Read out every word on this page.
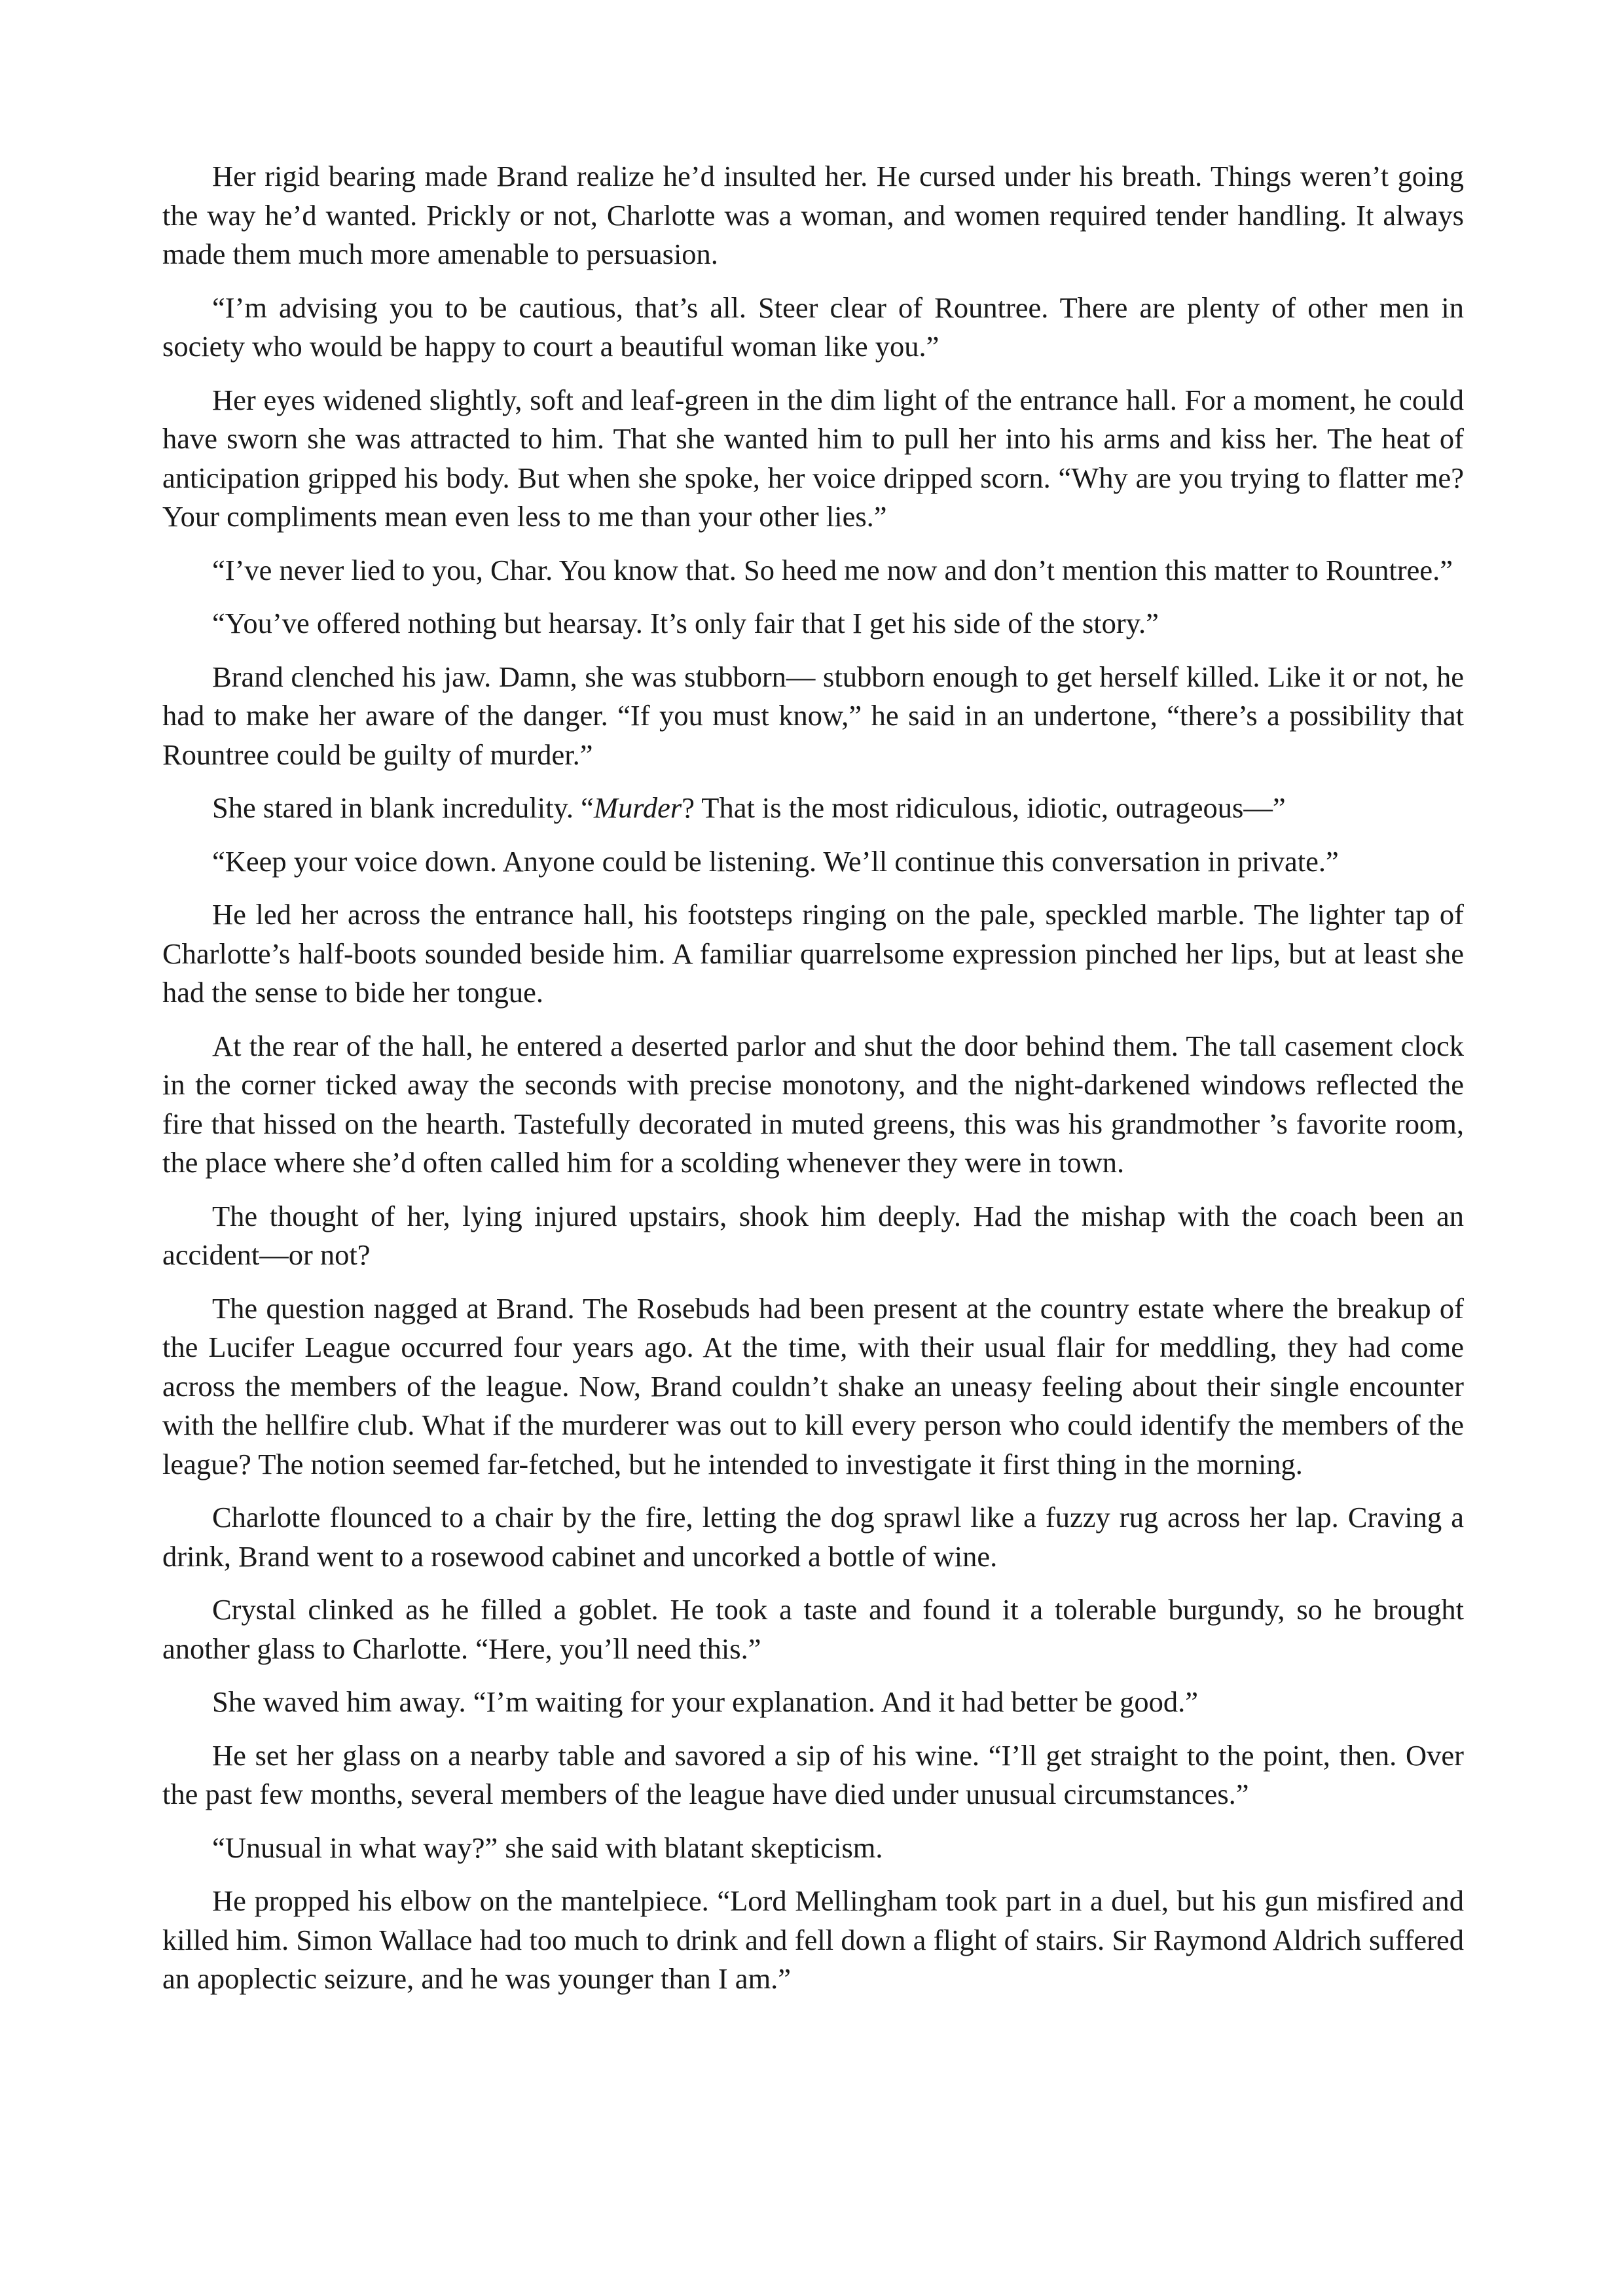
Her rigid bearing made Brand realize he’d insulted her. He cursed under his breath. Things weren’t going the way he’d wanted. Prickly or not, Charlotte was a woman, and women required tender handling. It always made them much more amenable to persuasion.

“I’m advising you to be cautious, that’s all. Steer clear of Rountree. There are plenty of other men in society who would be happy to court a beautiful woman like you.”

Her eyes widened slightly, soft and leaf-green in the dim light of the entrance hall. For a moment, he could have sworn she was attracted to him. That she wanted him to pull her into his arms and kiss her. The heat of anticipation gripped his body. But when she spoke, her voice dripped scorn. “Why are you trying to flatter me? Your compliments mean even less to me than your other lies.”

“I’ve never lied to you, Char. You know that. So heed me now and don’t mention this matter to Rountree.”

“You’ve offered nothing but hearsay. It’s only fair that I get his side of the story.”

Brand clenched his jaw. Damn, she was stubborn— stubborn enough to get herself killed. Like it or not, he had to make her aware of the danger. “If you must know,” he said in an undertone, “there’s a possibility that Rountree could be guilty of murder.”

She stared in blank incredulity. “Murder? That is the most ridiculous, idiotic, outrageous—”

“Keep your voice down. Anyone could be listening. We’ll continue this conversation in private.”

He led her across the entrance hall, his footsteps ringing on the pale, speckled marble. The lighter tap of Charlotte’s half-boots sounded beside him. A familiar quarrelsome expression pinched her lips, but at least she had the sense to bide her tongue.

At the rear of the hall, he entered a deserted parlor and shut the door behind them. The tall casement clock in the corner ticked away the seconds with precise monotony, and the night-darkened windows reflected the fire that hissed on the hearth. Tastefully decorated in muted greens, this was his grandmother ’s favorite room, the place where she’d often called him for a scolding whenever they were in town.

The thought of her, lying injured upstairs, shook him deeply. Had the mishap with the coach been an accident—or not?

The question nagged at Brand. The Rosebuds had been present at the country estate where the breakup of the Lucifer League occurred four years ago. At the time, with their usual flair for meddling, they had come across the members of the league. Now, Brand couldn’t shake an uneasy feeling about their single encounter with the hellfire club. What if the murderer was out to kill every person who could identify the members of the league? The notion seemed far-fetched, but he intended to investigate it first thing in the morning.

Charlotte flounced to a chair by the fire, letting the dog sprawl like a fuzzy rug across her lap. Craving a drink, Brand went to a rosewood cabinet and uncorked a bottle of wine.

Crystal clinked as he filled a goblet. He took a taste and found it a tolerable burgundy, so he brought another glass to Charlotte. “Here, you’ll need this.”

She waved him away. “I’m waiting for your explanation. And it had better be good.”

He set her glass on a nearby table and savored a sip of his wine. “I’ll get straight to the point, then. Over the past few months, several members of the league have died under unusual circumstances.”

“Unusual in what way?” she said with blatant skepticism.

He propped his elbow on the mantelpiece. “Lord Mellingham took part in a duel, but his gun misfired and killed him. Simon Wallace had too much to drink and fell down a flight of stairs. Sir Raymond Aldrich suffered an apoplectic seizure, and he was younger than I am.”
